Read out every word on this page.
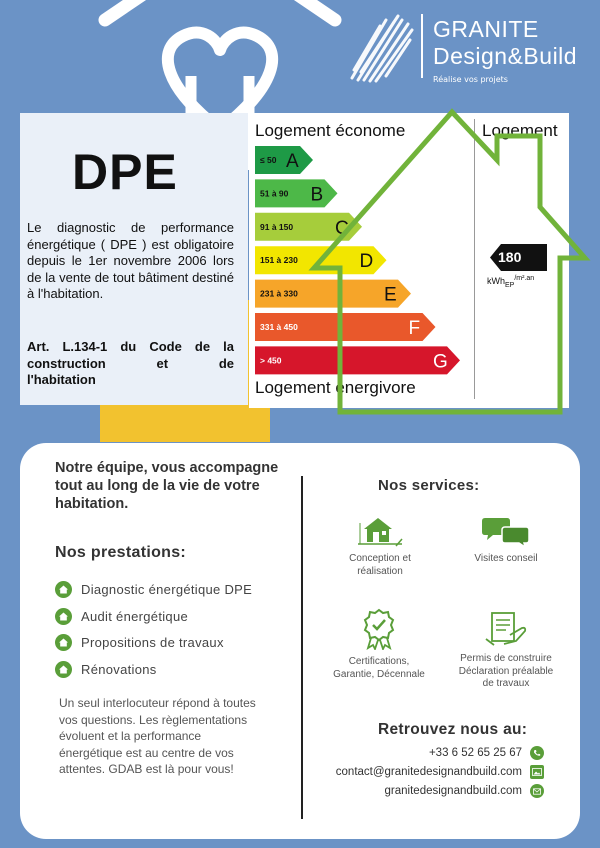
GRANITE
Design&Build
Réalise vos projets
DPE

Le diagnostic de performance énergétique ( DPE ) est obligatoire depuis le 1er novembre 2006 lors de la vente de tout bâtiment destiné à l'habitation.

Art. L.134-1 du Code de la construction et de
l'habitation

Logement économe	Logement
≤ 50 A
51 à 90 B
91 à 150 C
151 à 230	D
231 à 330	E
331 à 450	F
> 450	G
180
kWh$_{EP}^{/m^2.an}$
Logement énergivore
Notre équipe, vous accompagne tout au long de la vie de votre habitation.
Nos prestations:
Diagnostic énergétique DPE
Audit énergétique
Propositions de travaux
Rénovations

Un seul interlocuteur répond à toutes vos questions. Les règlementations évoluent et la performance énergétique est au centre de vos attentes. GDAB est là pour vous!

Nos services:
Conception et
réalisation
Visites conseil
Certifications,
Garantie, Décennale
Permis de construire
Déclaration préalable
de travaux
Retrouvez nous au:
+33 6 52 65 25 67
contact@granitedesignandbuild.com
granitedesignandbuild.com
